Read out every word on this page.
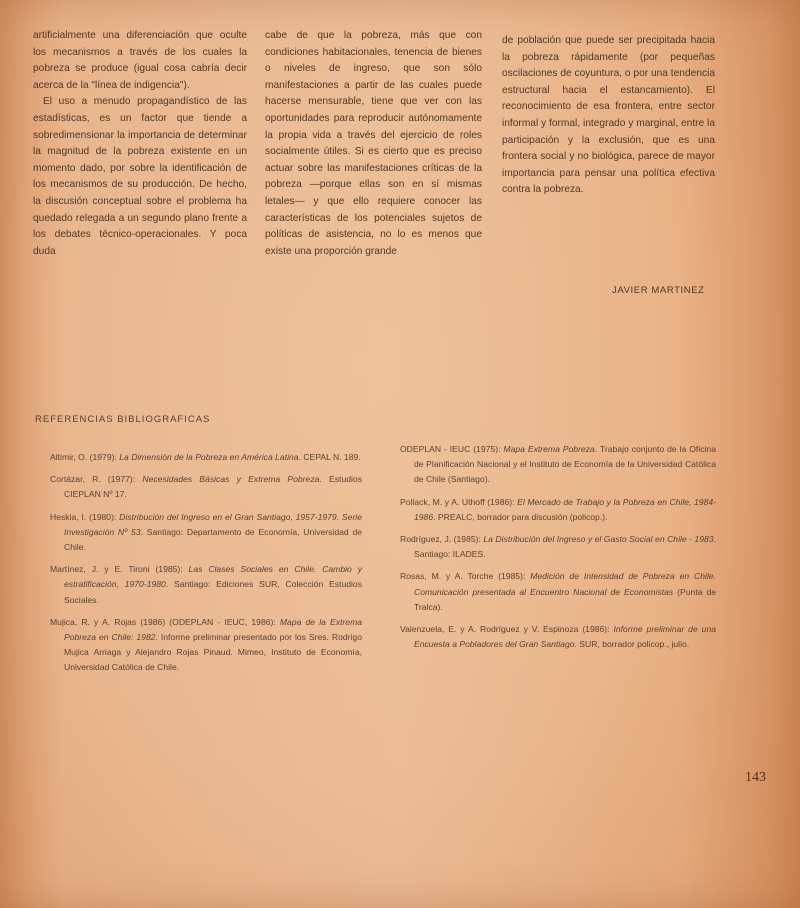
artificialmente una diferenciación que oculte los mecanismos a través de los cuales la pobreza se produce (igual cosa cabría decir acerca de la "línea de indigencia").

El uso a menudo propagandístico de las estadísticas, es un factor que tiende a sobredimensionar la importancia de determinar la magnitud de la pobreza existente en un momento dado, por sobre la identificación de los mecanismos de su producción. De hecho, la discusión conceptual sobre el problema ha quedado relegada a un segundo plano frente a los debates técnico-operacionales. Y poca duda

cabe de que la pobreza, más que con condiciones habitacionales, tenencia de bienes o niveles de ingreso, que son sólo manifestaciones a partir de las cuales puede hacerse mensurable, tiene que ver con las oportunidades para reproducir autónomamente la propia vida a través del ejercicio de roles socialmente útiles. Si es cierto que es preciso actuar sobre las manifestaciones críticas de la pobreza —porque ellas son en sí mismas letales— y que ello requiere conocer las características de los potenciales sujetos de políticas de asistencia, no lo es menos que existe una proporción grande

de población que puede ser precipitada hacia la pobreza rápidamente (por pequeñas oscilaciones de coyuntura, o por una tendencia estructural hacia el estancamiento). El reconocimiento de esa frontera, entre sector informal y formal, integrado y marginal, entre la participación y la exclusión, que es una frontera social y no biológica, parece de mayor importancia para pensar una política efectiva contra la pobreza.

JAVIER MARTINEZ
REFERENCIAS BIBLIOGRAFICAS

Altimir, O. (1979): La Dimensión de la Pobreza en América Latina. CEPAL N. 189.

Cortázar, R. (1977): Necesidades Básicas y Extrema Pobreza. Estudios CIEPLAN Nº 17.

Heskia, I. (1980): Distribución del Ingreso en el Gran Santiago, 1957-1979. Serie Investigación Nº 53. Santiago: Departamento de Economía, Universidad de Chile.

Martínez, J. y E. Tironi (1985): Las Clases Sociales en Chile. Cambio y estratificación, 1970-1980. Santiago: Ediciones SUR, Colección Estudios Sociales.

Mujica, R. y A. Rojas (1986) (ODEPLAN - IEUC, 1986): Mapa de la Extrema Pobreza en Chile: 1982. Informe preliminar presentado por los Sres. Rodrigo Mujica Arriaga y Alejandro Rojas Pinaud. Mimeo, Instituto de Economía, Universidad Católica de Chile.

ODEPLAN - IEUC (1975): Mapa Extrema Pobreza. Trabajo conjunto de la Oficina de Planificación Nacional y el Instituto de Economía de la Universidad Católica de Chile (Santiago).

Pollack, M. y A. Uthoff (1986): El Mercado de Trabajo y la Pobreza en Chile, 1984-1986. PREALC, borrador para discusión (policop.).

Rodríguez, J. (1985): La Distribución del Ingreso y el Gasto Social en Chile - 1983. Santiago: ILADES.

Rosas, M. y A. Torche (1985): Medición de Intensidad de Pobreza en Chile. Comunicación presentada al Encuentro Nacional de Economistas (Punta de Tralca).

Valenzuela, E. y A. Rodríguez y V. Espinoza (1986): Informe preliminar de una Encuesta a Pobladores del Gran Santiago. SUR, borrador policop., julio.

143
